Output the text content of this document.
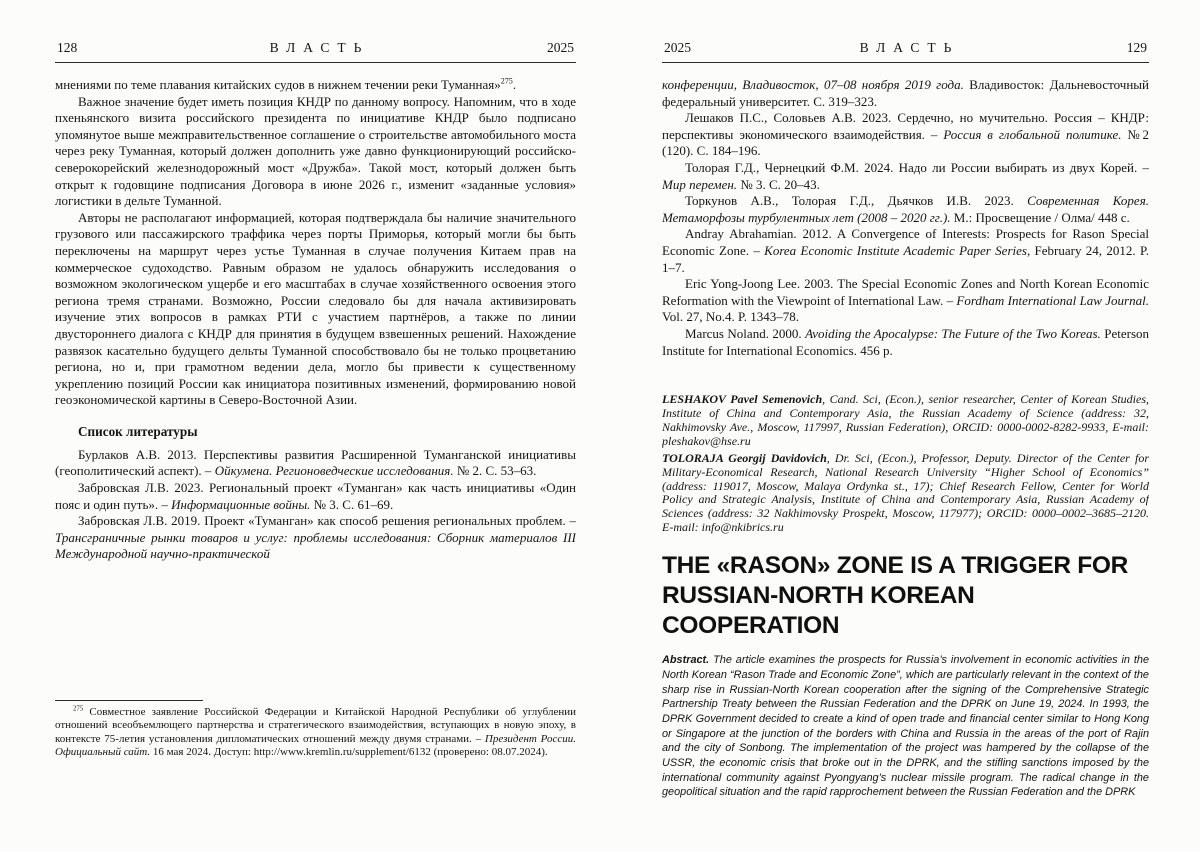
128	ВЛАСТЬ	2025

мнениями по теме плавания китайских судов в нижнем течении реки Туманная»$^{275}$.

Важное значение будет иметь позиция КНДР по данному вопросу. Напомним, что в ходе пхеньянского визита российского президента по инициативе КНДР было подписано упомянутое выше межправительственное соглашение о строительстве автомобильного моста через реку Туманная, который должен дополнить уже давно функционирующий российско-северокорейский железнодорожный мост «Дружба». Такой мост, который должен быть открыт к годовщине подписания Договора в июне 2026 г., изменит «заданные условия» логистики в дельте Туманной.

Авторы не располагают информацией, которая подтверждала бы наличие значительного грузового или пассажирского траффика через порты Приморья, который могли бы быть переключены на маршрут через устье Туманная в случае получения Китаем прав на коммерческое судоходство. Равным образом не удалось обнаружить исследования о возможном экологическом ущербе и его масштабах в случае хозяйственного освоения этого региона тремя странами. Возможно, России следовало бы для начала активизировать изучение этих вопросов в рамках РТИ с участием партнёров, а также по линии двустороннего диалога с КНДР для принятия в будущем взвешенных решений. Нахождение развязок касательно будущего дельты Туманной способствовало бы не только процветанию региона, но и, при грамотном ведении дела, могло бы привести к существенному укреплению позиций России как инициатора позитивных изменений, формированию новой геоэкономической картины в Северо-Восточной Азии.

Список литературы

Бурлаков А.В. 2013. Перспективы развития Расширенной Туманганской инициативы (геополитический аспект). – Ойкумена. Регионоведческие исследования. № 2. С. 53–63.

Забровская Л.В. 2023. Региональный проект «Туманган» как часть инициативы «Один пояс и один путь». – Информационные войны. № 3. С. 61–69.

Забровская Л.В. 2019. Проект «Туманган» как способ решения региональных проблем. – Трансграничные рынки товаров и услуг: проблемы исследования: Сборник материалов III Международной научно-практической

$^{275}$ Совместное заявление Российской Федерации и Китайской Народной Республики об углублении отношений всеобъемлющего партнерства и стратегического взаимодействия, вступающих в новую эпоху, в контексте 75-летия установления дипломатических отношений между двумя странами. – Президент России. Официальный сайт. 16 мая 2024. Доступ: http://www.kremlin.ru/supplement/6132 (проверено: 08.07.2024).

2025	ВЛАСТЬ	129

конференции, Владивосток, 07–08 ноября 2019 года. Владивосток: Дальневосточный федеральный университет. С. 319–323.

Лешаков П.С., Соловьев А.В. 2023. Сердечно, но мучительно. Россия – КНДР: перспективы экономического взаимодействия. – Россия в глобальной политике. №2 (120). С. 184–196.

Толорая Г.Д., Чернецкий Ф.М. 2024. Надо ли России выбирать из двух Корей. – Мир перемен. № 3. С. 20–43.

Торкунов А.В., Толорая Г.Д., Дьячков И.В. 2023. Современная Корея. Метаморфозы турбулентных лет (2008 – 2020 гг.). М.: Просвещение / Олма/ 448 с.

Andray Abrahamian. 2012. A Convergence of Interests: Prospects for Rason Special Economic Zone. – Korea Economic Institute Academic Paper Series, February 24, 2012. P. 1–7.

Eric Yong-Joong Lee. 2003. The Special Economic Zones and North Korean Economic Reformation with the Viewpoint of International Law. – Fordham International Law Journal. Vol. 27, No.4. P. 1343–78.

Marcus Noland. 2000. Avoiding the Apocalypse: The Future of the Two Koreas. Peterson Institute for International Economics. 456 p.

LESHAKOV Pavel Semenovich, Cand. Sci, (Econ.), senior researcher, Center of Korean Studies, Institute of China and Contemporary Asia, the Russian Academy of Science (address: 32, Nakhimovsky Ave., Moscow, 117997, Russian Federation), ORCID: 0000-0002-8282-9933, E-mail: pleshakov@hse.ru

TOLORAJA Georgij Davidovich, Dr. Sci, (Econ.), Professor, Deputy. Director of the Center for Military-Economical Research, National Research University “Higher School of Economics” (address: 119017, Moscow, Malaya Ordynka st., 17); Chief Research Fellow, Center for World Policy and Strategic Analysis, Institute of China and Contemporary Asia, Russian Academy of Sciences (address: 32 Nakhimovsky Prospekt, Moscow, 117977); ORCID: 0000–0002–3685–2120. E-mail: info@nkibrics.ru

THE «RASON» ZONE IS A TRIGGER FOR RUSSIAN-NORTH KOREAN COOPERATION

Abstract. The article examines the prospects for Russia’s involvement in economic activities in the North Korean “Rason Trade and Economic Zone”, which are particularly relevant in the context of the sharp rise in Russian-North Korean cooperation after the signing of the Comprehensive Strategic Partnership Treaty between the Russian Federation and the DPRK on June 19, 2024. In 1993, the DPRK Government decided to create a kind of open trade and financial center similar to Hong Kong or Singapore at the junction of the borders with China and Russia in the areas of the port of Rajin and the city of Sonbong. The implementation of the project was hampered by the collapse of the USSR, the economic crisis that broke out in the DPRK, and the stifling sanctions imposed by the international community against Pyongyang’s nuclear missile program. The radical change in the geopolitical situation and the rapid rapprochement between the Russian Federation and the DPRK
